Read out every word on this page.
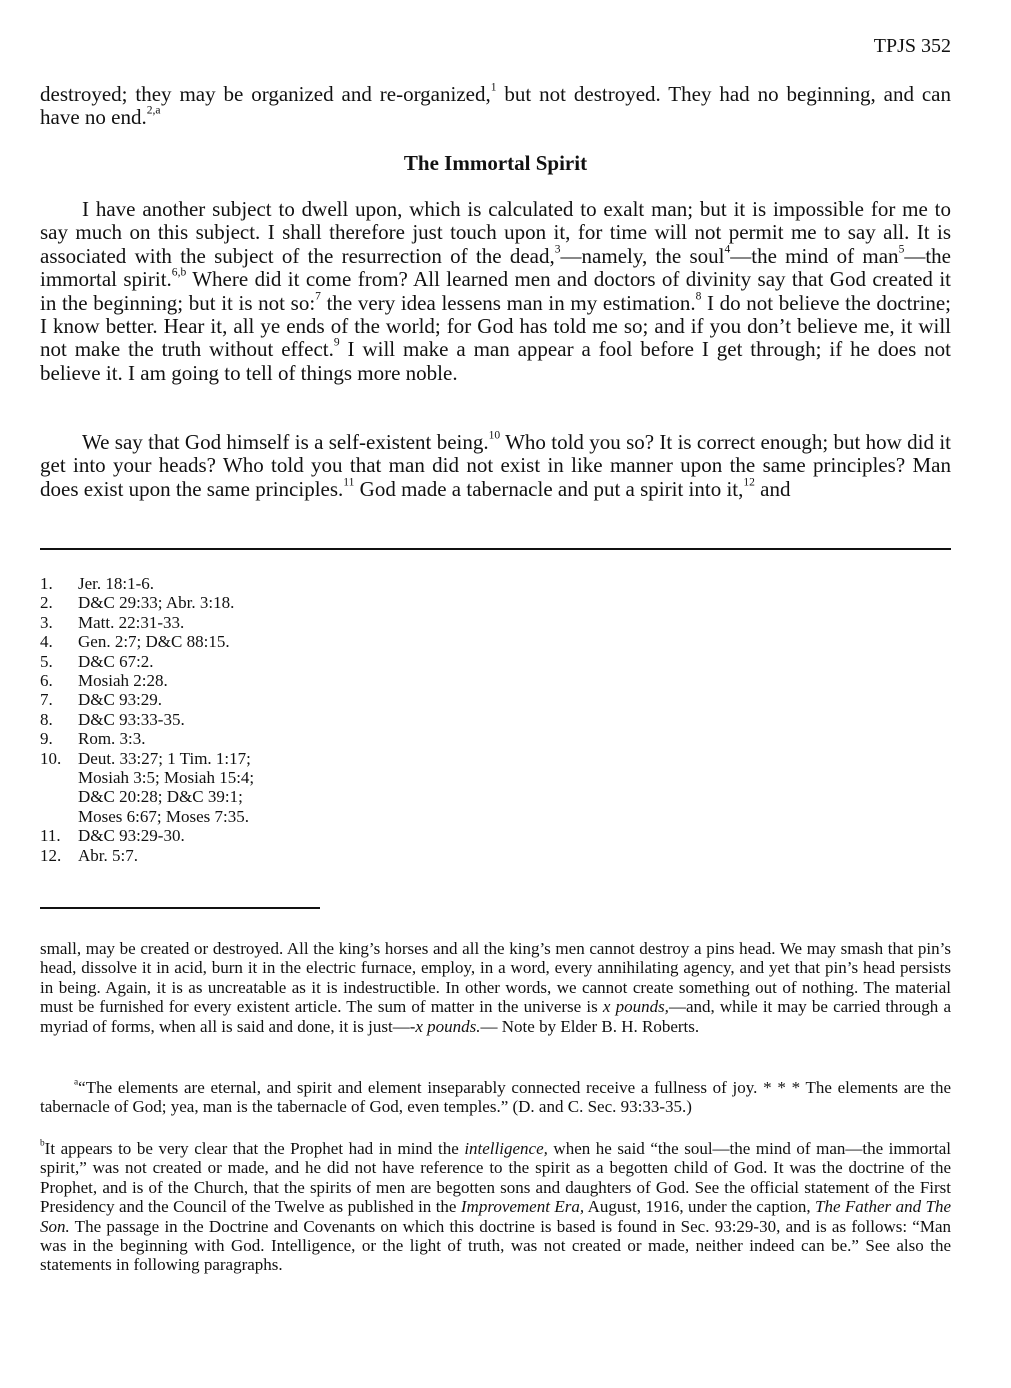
TPJS 352

destroyed; they may be organized and re-organized,$^1$ but not destroyed. They had no beginning, and can have no end.$^{2,a}$

The Immortal Spirit

I have another subject to dwell upon, which is calculated to exalt man; but it is impossible for me to say much on this subject. I shall therefore just touch upon it, for time will not permit me to say all. It is associated with the subject of the resurrection of the dead,$^3$—namely, the soul$^4$—the mind of man$^5$—the immortal spirit.$^{6,b}$ Where did it come from? All learned men and doctors of divinity say that God created it in the beginning; but it is not so:$^7$ the very idea lessens man in my estimation.$^8$ I do not believe the doctrine; I know better. Hear it, all ye ends of the world; for God has told me so; and if you don’t believe me, it will not make the truth without effect.$^9$ I will make a man appear a fool before I get through; if he does not believe it. I am going to tell of things more noble.

We say that God himself is a self-existent being.$^{10}$ Who told you so? It is correct enough; but how did it get into your heads? Who told you that man did not exist in like manner upon the same principles? Man does exist upon the same principles.$^{11}$ God made a tabernacle and put a spirit into it,$^{12}$ and

1.	Jer. 18:1-6.
2.	D&C 29:33; Abr. 3:18.
3.	Matt. 22:31-33.
4.	Gen. 2:7; D&C 88:15.
5.	D&C 67:2.
6.	Mosiah 2:28.
7.	D&C 93:29.
8.	D&C 93:33-35.
9.	Rom. 3:3.
10. Deut. 33:27; 1 Tim. 1:17;
Mosiah 3:5; Mosiah 15:4;
D&C 20:28; D&C 39:1;
Moses 6:67; Moses 7:35.
11.	D&C 93:29-30.
12. Abr. 5:7.

small, may be created or destroyed. All the king’s horses and all the king’s men cannot destroy a pins head. We may smash that pin’s head, dissolve it in acid, burn it in the electric furnace, employ, in a word, every annihilating agency, and yet that pin’s head persists in being. Again, it is as uncreatable as it is indestructible. In other words, we cannot create something out of nothing. The material must be furnished for every existent article. The sum of matter in the universe is x pounds,—and, while it may be carried through a myriad of forms, when all is said and done, it is just—-x pounds.— Note by Elder B. H. Roberts.

$^a$“The elements are eternal, and spirit and element inseparably connected receive a fullness of joy. * * * The elements are the tabernacle of God; yea, man is the tabernacle of God, even temples.” (D. and C. Sec. 93:33-35.)

$^b$It appears to be very clear that the Prophet had in mind the intelligence, when he said “the soul—the mind of man—the immortal spirit,” was not created or made, and he did not have reference to the spirit as a begotten child of God. It was the doctrine of the Prophet, and is of the Church, that the spirits of men are begotten sons and daughters of God. See the official statement of the First Presidency and the Council of the Twelve as published in the Improvement Era, August, 1916, under the caption, The Father and The Son. The passage in the Doctrine and Covenants on which this doctrine is based is found in Sec. 93:29-30, and is as follows: “Man was in the beginning with God. Intelligence, or the light of truth, was not created or made, neither indeed can be.” See also the statements in following paragraphs.
